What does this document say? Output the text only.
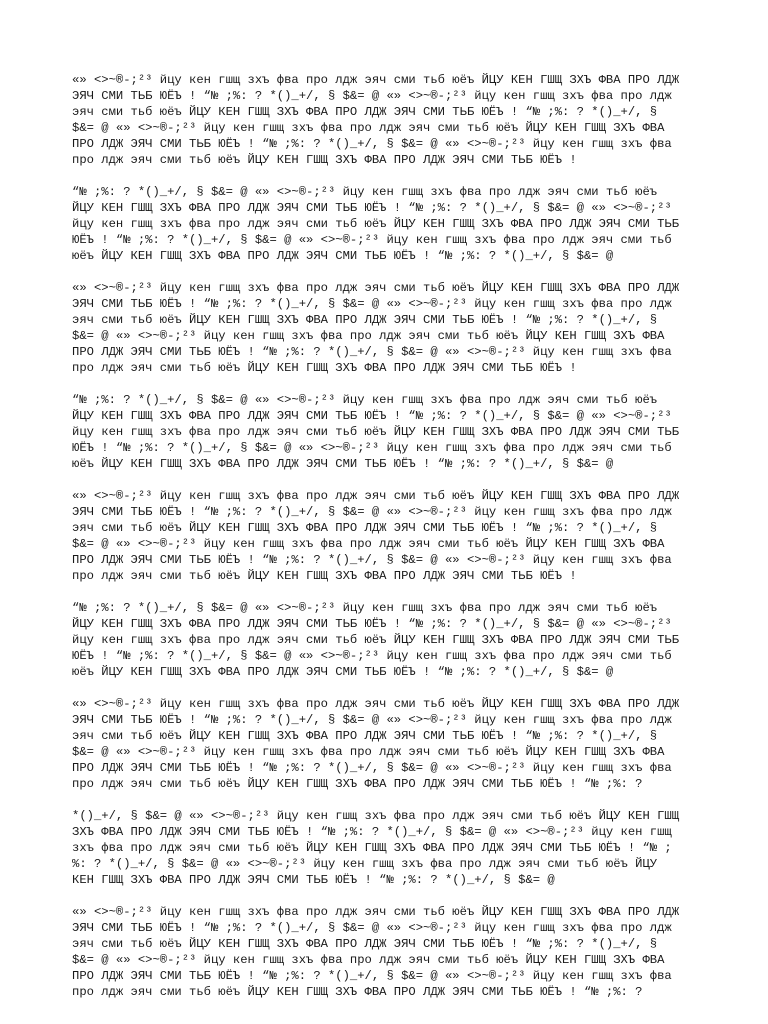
«» <>~®-;²³ йцу кен гшщ зхъ фва про лдж эяч сми тьб юёъ ЙЦУ КЕН ГШЩ ЗХЪ ФВА ПРО ЛДЖ
ЭЯЧ СМИ ТЬБ ЮЁЪ ! “№ ;%: ? *()_+/, § $&= @ «» <>~®-;²³ йцу кен гшщ зхъ фва про лдж
эяч сми тьб юёъ ЙЦУ КЕН ГШЩ ЗХЪ ФВА ПРО ЛДЖ ЭЯЧ СМИ ТЬБ ЮЁЪ ! “№ ;%: ? *()_+/, §
$&= @ «» <>~®-;²³ йцу кен гшщ зхъ фва про лдж эяч сми тьб юёъ ЙЦУ КЕН ГШЩ ЗХЪ ФВА
ПРО ЛДЖ ЭЯЧ СМИ ТЬБ ЮЁЪ ! “№ ;%: ? *()_+/, § $&= @ «» <>~®-;²³ йцу кен гшщ зхъ фва
про лдж эяч сми тьб юёъ ЙЦУ КЕН ГШЩ ЗХЪ ФВА ПРО ЛДЖ ЭЯЧ СМИ ТЬБ ЮЁЪ !
“№ ;%: ? *()_+/, § $&= @ «» <>~®-;²³ йцу кен гшщ зхъ фва про лдж эяч сми тьб юёъ
ЙЦУ КЕН ГШЩ ЗХЪ ФВА ПРО ЛДЖ ЭЯЧ СМИ ТЬБ ЮЁЪ ! “№ ;%: ? *()_+/, § $&= @ «» <>~®-;²³
йцу кен гшщ зхъ фва про лдж эяч сми тьб юёъ ЙЦУ КЕН ГШЩ ЗХЪ ФВА ПРО ЛДЖ ЭЯЧ СМИ ТЬБ
ЮЁЪ ! “№ ;%: ? *()_+/, § $&= @ «» <>~®-;²³ йцу кен гшщ зхъ фва про лдж эяч сми тьб
юёъ ЙЦУ КЕН ГШЩ ЗХЪ ФВА ПРО ЛДЖ ЭЯЧ СМИ ТЬБ ЮЁЪ ! “№ ;%: ? *()_+/, § $&= @
«» <>~®-;²³ йцу кен гшщ зхъ фва про лдж эяч сми тьб юёъ ЙЦУ КЕН ГШЩ ЗХЪ ФВА ПРО ЛДЖ
ЭЯЧ СМИ ТЬБ ЮЁЪ ! “№ ;%: ? *()_+/, § $&= @ «» <>~®-;²³ йцу кен гшщ зхъ фва про лдж
эяч сми тьб юёъ ЙЦУ КЕН ГШЩ ЗХЪ ФВА ПРО ЛДЖ ЭЯЧ СМИ ТЬБ ЮЁЪ ! “№ ;%: ? *()_+/, §
$&= @ «» <>~®-;²³ йцу кен гшщ зхъ фва про лдж эяч сми тьб юёъ ЙЦУ КЕН ГШЩ ЗХЪ ФВА
ПРО ЛДЖ ЭЯЧ СМИ ТЬБ ЮЁЪ ! “№ ;%: ? *()_+/, § $&= @ «» <>~®-;²³ йцу кен гшщ зхъ фва
про лдж эяч сми тьб юёъ ЙЦУ КЕН ГШЩ ЗХЪ ФВА ПРО ЛДЖ ЭЯЧ СМИ ТЬБ ЮЁЪ !
“№ ;%: ? *()_+/, § $&= @ «» <>~®-;²³ йцу кен гшщ зхъ фва про лдж эяч сми тьб юёъ
ЙЦУ КЕН ГШЩ ЗХЪ ФВА ПРО ЛДЖ ЭЯЧ СМИ ТЬБ ЮЁЪ ! “№ ;%: ? *()_+/, § $&= @ «» <>~®-;²³
йцу кен гшщ зхъ фва про лдж эяч сми тьб юёъ ЙЦУ КЕН ГШЩ ЗХЪ ФВА ПРО ЛДЖ ЭЯЧ СМИ ТЬБ
ЮЁЪ ! “№ ;%: ? *()_+/, § $&= @ «» <>~®-;²³ йцу кен гшщ зхъ фва про лдж эяч сми тьб
юёъ ЙЦУ КЕН ГШЩ ЗХЪ ФВА ПРО ЛДЖ ЭЯЧ СМИ ТЬБ ЮЁЪ ! “№ ;%: ? *()_+/, § $&= @
«» <>~®-;²³ йцу кен гшщ зхъ фва про лдж эяч сми тьб юёъ ЙЦУ КЕН ГШЩ ЗХЪ ФВА ПРО ЛДЖ
ЭЯЧ СМИ ТЬБ ЮЁЪ ! “№ ;%: ? *()_+/, § $&= @ «» <>~®-;²³ йцу кен гшщ зхъ фва про лдж
эяч сми тьб юёъ ЙЦУ КЕН ГШЩ ЗХЪ ФВА ПРО ЛДЖ ЭЯЧ СМИ ТЬБ ЮЁЪ ! “№ ;%: ? *()_+/, §
$&= @ «» <>~®-;²³ йцу кен гшщ зхъ фва про лдж эяч сми тьб юёъ ЙЦУ КЕН ГШЩ ЗХЪ ФВА
ПРО ЛДЖ ЭЯЧ СМИ ТЬБ ЮЁЪ ! “№ ;%: ? *()_+/, § $&= @ «» <>~®-;²³ йцу кен гшщ зхъ фва
про лдж эяч сми тьб юёъ ЙЦУ КЕН ГШЩ ЗХЪ ФВА ПРО ЛДЖ ЭЯЧ СМИ ТЬБ ЮЁЪ !
“№ ;%: ? *()_+/, § $&= @ «» <>~®-;²³ йцу кен гшщ зхъ фва про лдж эяч сми тьб юёъ
ЙЦУ КЕН ГШЩ ЗХЪ ФВА ПРО ЛДЖ ЭЯЧ СМИ ТЬБ ЮЁЪ ! “№ ;%: ? *()_+/, § $&= @ «» <>~®-;²³
йцу кен гшщ зхъ фва про лдж эяч сми тьб юёъ ЙЦУ КЕН ГШЩ ЗХЪ ФВА ПРО ЛДЖ ЭЯЧ СМИ ТЬБ
ЮЁЪ ! “№ ;%: ? *()_+/, § $&= @ «» <>~®-;²³ йцу кен гшщ зхъ фва про лдж эяч сми тьб
юёъ ЙЦУ КЕН ГШЩ ЗХЪ ФВА ПРО ЛДЖ ЭЯЧ СМИ ТЬБ ЮЁЪ ! “№ ;%: ? *()_+/, § $&= @
«» <>~®-;²³ йцу кен гшщ зхъ фва про лдж эяч сми тьб юёъ ЙЦУ КЕН ГШЩ ЗХЪ ФВА ПРО ЛДЖ
ЭЯЧ СМИ ТЬБ ЮЁЪ ! “№ ;%: ? *()_+/, § $&= @ «» <>~®-;²³ йцу кен гшщ зхъ фва про лдж
эяч сми тьб юёъ ЙЦУ КЕН ГШЩ ЗХЪ ФВА ПРО ЛДЖ ЭЯЧ СМИ ТЬБ ЮЁЪ ! “№ ;%: ? *()_+/, §
$&= @ «» <>~®-;²³ йцу кен гшщ зхъ фва про лдж эяч сми тьб юёъ ЙЦУ КЕН ГШЩ ЗХЪ ФВА
ПРО ЛДЖ ЭЯЧ СМИ ТЬБ ЮЁЪ ! “№ ;%: ? *()_+/, § $&= @ «» <>~®-;²³ йцу кен гшщ зхъ фва
про лдж эяч сми тьб юёъ ЙЦУ КЕН ГШЩ ЗХЪ ФВА ПРО ЛДЖ ЭЯЧ СМИ ТЬБ ЮЁЪ ! “№ ;%: ?
*()_+/, § $&= @ «» <>~®-;²³ йцу кен гшщ зхъ фва про лдж эяч сми тьб юёъ ЙЦУ КЕН ГШЩ
ЗХЪ ФВА ПРО ЛДЖ ЭЯЧ СМИ ТЬБ ЮЁЪ ! “№ ;%: ? *()_+/, § $&= @ «» <>~®-;²³ йцу кен гшщ
зхъ фва про лдж эяч сми тьб юёъ ЙЦУ КЕН ГШЩ ЗХЪ ФВА ПРО ЛДЖ ЭЯЧ СМИ ТЬБ ЮЁЪ ! “№ ;
%: ? *()_+/, § $&= @ «» <>~®-;²³ йцу кен гшщ зхъ фва про лдж эяч сми тьб юёъ ЙЦУ
КЕН ГШЩ ЗХЪ ФВА ПРО ЛДЖ ЭЯЧ СМИ ТЬБ ЮЁЪ ! “№ ;%: ? *()_+/, § $&= @
«» <>~®-;²³ йцу кен гшщ зхъ фва про лдж эяч сми тьб юёъ ЙЦУ КЕН ГШЩ ЗХЪ ФВА ПРО ЛДЖ
ЭЯЧ СМИ ТЬБ ЮЁЪ ! “№ ;%: ? *()_+/, § $&= @ «» <>~®-;²³ йцу кен гшщ зхъ фва про лдж
эяч сми тьб юёъ ЙЦУ КЕН ГШЩ ЗХЪ ФВА ПРО ЛДЖ ЭЯЧ СМИ ТЬБ ЮЁЪ ! “№ ;%: ? *()_+/, §
$&= @ «» <>~®-;²³ йцу кен гшщ зхъ фва про лдж эяч сми тьб юёъ ЙЦУ КЕН ГШЩ ЗХЪ ФВА
ПРО ЛДЖ ЭЯЧ СМИ ТЬБ ЮЁЪ ! “№ ;%: ? *()_+/, § $&= @ «» <>~®-;²³ йцу кен гшщ зхъ фва
про лдж эяч сми тьб юёъ ЙЦУ КЕН ГШЩ ЗХЪ ФВА ПРО ЛДЖ ЭЯЧ СМИ ТЬБ ЮЁЪ ! “№ ;%: ?
